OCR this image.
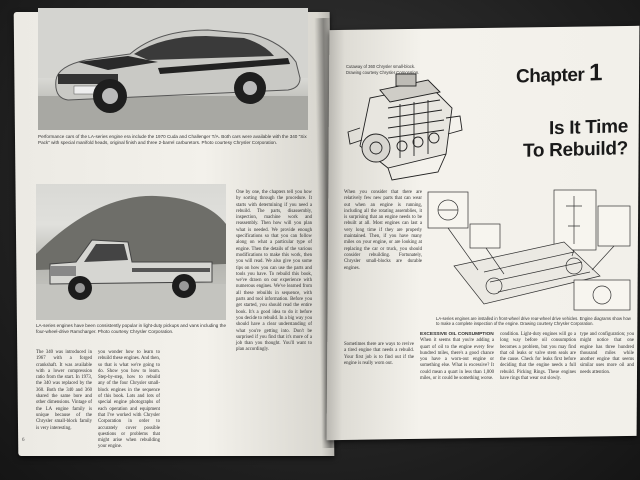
Performance cars of the LA-series engine era include the 1970 Cuda and Challenger T/A. Both cars were available with the 340 "Six Pack" with special manifold heads, original finish and three 2-barrel carburetors. Photo courtesy Chrysler Corporation.
LA-series engines have been consistently popular in light-duty pickups and vans including the four-wheel-drive Ramcharger. Photo courtesy Chrysler Corporation.
The 340 was introduced in 1967 with a forged crankshaft. It was available with a lower compression ratio from the start. In 1973, the 340 was replaced by the 360. Both the 340 and 360 shared the same bore and other dimensions. Vintage of the LA engine family is unique because of the Chrysler small-block family is very interesting.
you wonder how to learn to rebuild these engines. And then, so that is what we're going to do. Show you how to learn. Step-by-step, how to rebuild any of the four Chrysler small-block engines in the sequence of this book. Lots and lots of special engine photographs of each operation and equipment that I've worked with Chrysler Corporation in order to accurately cover possible questions or problems that might arise when rebuilding your engine.
One by one, the chapters tell you how by sorting through the procedure. It starts with determining if you need a rebuild. The parts, disassembly, inspection, machine work and reassembly. Then how will you plan what is needed. We provide enough specifications so that you can follow along on what a particular type of engine. Then the details of the various modifications to make this work, then you will read. We also give you some tips on how you can use the parts and tools you have. To rebuild this book, we've drawn on our experience with numerous engines. We've learned from all these rebuilds in sequence, with parts and tool information. Before you get started, you should read the entire book. It's a good idea to do it before you decide to rebuild. In a big way you should have a clear understanding of what you're getting into. Don't be surprised if you find that it's more of a job than you thought. You'll want to plan accordingly.
6
Cutaway of 360 Chrysler small-block. Drawing courtesy Chrysler Corporation.	Chapter 1
Is It Time
To Rebuild?
LA-series engines are installed in front-wheel drive rear-wheel drive vehicles. Engine diagrams show how to make a complete inspection of the engine. Drawing courtesy Chrysler Corporation.
When you consider that there are relatively few new parts that can wear out when an engine is running, including all the rotating assemblies, it is surprising that an engine needs to be rebuilt at all. Most engines can last a very long time if they are properly maintained. Then, if you have many miles on your engine, or are looking at replacing the car or truck, you should consider rebuilding. Fortunately, Chrysler small-blocks are durable engines.
Sometimes there are ways to revive a tired engine that needs a rebuild. Your first job is to find out if the engine is really worn out.
EXCESSIVE OIL CONSUMPTION
When it seems that you're adding a quart of oil to the engine every few hundred miles, there's a good chance you have a worn-out engine or something else. What is excessive? It could mean a quart in less than 1,000 miles, or it could be something worse.
condition. Light-duty engines will go a long way before oil consumption becomes a problem, but you may find that oil leaks or valve stem seals are the cause. Check for leaks first before deciding that the engine needs a full rebuild. Picking Rings. These engines have rings that wear out slowly.
type and configuration; you might notice that one engine has three hundred thousand miles while another engine that seems similar uses more oil and needs attention.
